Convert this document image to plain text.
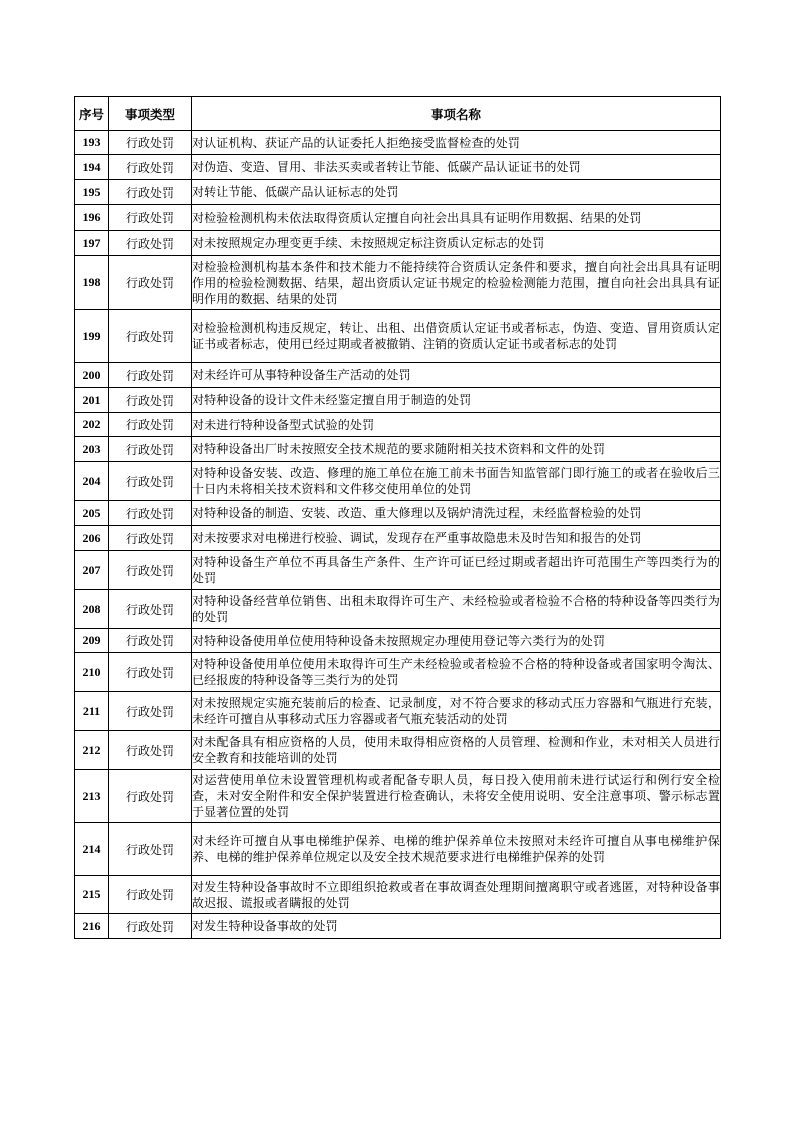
序号	事项类型	事项名称
193	行政处罚	对认证机构、获证产品的认证委托人拒绝接受监督检查的处罚
194	行政处罚	对伪造、变造、冒用、非法买卖或者转让节能、低碳产品认证证书的处罚
195	行政处罚	对转让节能、低碳产品认证标志的处罚
196	行政处罚	对检验检测机构未依法取得资质认定擅自向社会出具具有证明作用数据、结果的处罚
197	行政处罚	对未按照规定办理变更手续、未按照规定标注资质认定标志的处罚
198	行政处罚	对检验检测机构基本条件和技术能力不能持续符合资质认定条件和要求，擅自向社会出具具有证明作用的检验检测数据、结果，超出资质认定证书规定的检验检测能力范围，擅自向社会出具具有证明作用的数据、结果的处罚
199	行政处罚	对检验检测机构违反规定，转让、出租、出借资质认定证书或者标志，伪造、变造、冒用资质认定证书或者标志，使用已经过期或者被撤销、注销的资质认定证书或者标志的处罚
200	行政处罚	对未经许可从事特种设备生产活动的处罚
201	行政处罚	对特种设备的设计文件未经鉴定擅自用于制造的处罚
202	行政处罚	对未进行特种设备型式试验的处罚
203	行政处罚	对特种设备出厂时未按照安全技术规范的要求随附相关技术资料和文件的处罚
204	行政处罚	对特种设备安装、改造、修理的施工单位在施工前未书面告知监管部门即行施工的或者在验收后三十日内未将相关技术资料和文件移交使用单位的处罚
205	行政处罚	对特种设备的制造、安装、改造、重大修理以及锅炉清洗过程，未经监督检验的处罚
206	行政处罚	对未按要求对电梯进行校验、调试，发现存在严重事故隐患未及时告知和报告的处罚
207	行政处罚	对特种设备生产单位不再具备生产条件、生产许可证已经过期或者超出许可范围生产等四类行为的处罚
208	行政处罚	对特种设备经营单位销售、出租未取得许可生产、未经检验或者检验不合格的特种设备等四类行为的处罚
209	行政处罚	对特种设备使用单位使用特种设备未按照规定办理使用登记等六类行为的处罚
210	行政处罚	对特种设备使用单位使用未取得许可生产未经检验或者检验不合格的特种设备或者国家明令淘汰、已经报废的特种设备等三类行为的处罚
211	行政处罚	对未按照规定实施充装前后的检查、记录制度，对不符合要求的移动式压力容器和气瓶进行充装，未经许可擅自从事移动式压力容器或者气瓶充装活动的处罚
212	行政处罚	对未配备具有相应资格的人员，使用未取得相应资格的人员管理、检测和作业，未对相关人员进行安全教育和技能培训的处罚
213	行政处罚	对运营使用单位未设置管理机构或者配备专职人员，每日投入使用前未进行试运行和例行安全检查，未对安全附件和安全保护装置进行检查确认，未将安全使用说明、安全注意事项、警示标志置于显著位置的处罚
214	行政处罚	对未经许可擅自从事电梯维护保养、电梯的维护保养单位未按照对未经许可擅自从事电梯维护保养、电梯的维护保养单位规定以及安全技术规范要求进行电梯维护保养的处罚
215	行政处罚	对发生特种设备事故时不立即组织抢救或者在事故调查处理期间擅离职守或者逃匿，对特种设备事故迟报、谎报或者瞒报的处罚
216	行政处罚	对发生特种设备事故的处罚
